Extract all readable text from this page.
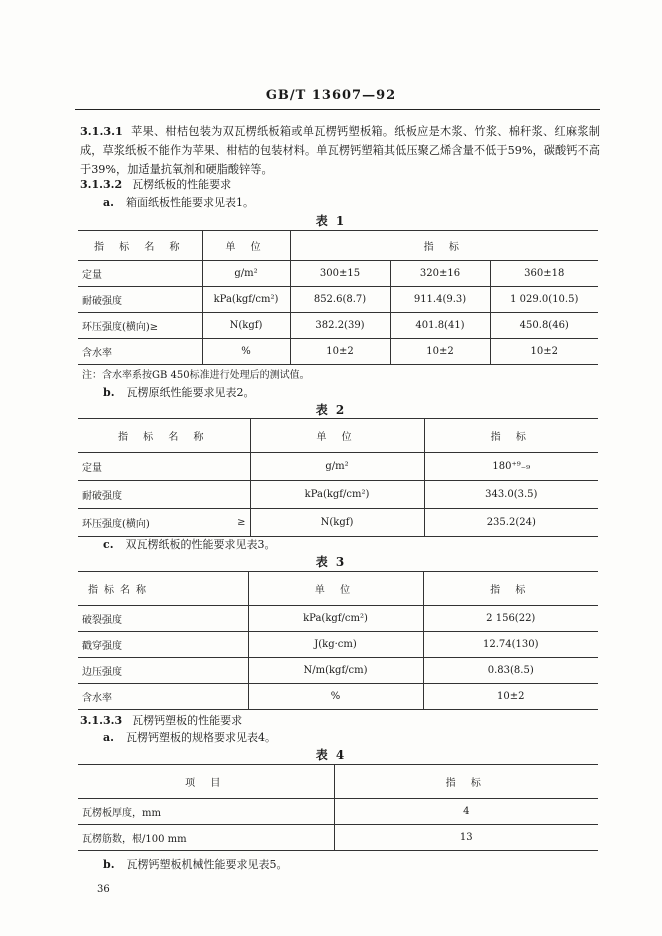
GB/T 13607—92
3.1.3.1 苹果、柑桔包装为双瓦楞纸板箱或单瓦楞钙塑板箱。纸板应是木浆、竹浆、棉秆浆、红麻浆制成，草浆纸板不能作为苹果、柑桔的包装材料。单瓦楞钙塑箱其低压聚乙烯含量不低于59%，碳酸钙不高于39%，加适量抗氧剂和硬脂酸锌等。
3.1.3.2 瓦楞纸板的性能要求
a. 箱面纸板性能要求见表1。
表 1
指 标 名 称	单 位	指 标		
定量	g/m²	300±15	320±16	360±18
耐破强度	kPa(kgf/cm²)	852.6(8.7)	911.4(9.3)	1 029.0(10.5)
环压强度(横向)≥	N(kgf)	382.2(39)	401.8(41)	450.8(46)
含水率	%	10±2	10±2	10±2
注：含水率系按GB 450标准进行处理后的测试值。
b. 瓦楞原纸性能要求见表2。
表 2
指 标 名 称		单 位	指 标
定量		g/m²	180⁺⁹₋₉
耐破强度		kPa(kgf/cm²)	343.0(3.5)
环压强度(横向)	≥	N(kgf)	235.2(24)
c. 双瓦楞纸板的性能要求见表3。
表 3
指标名称	单 位	指 标
破裂强度	kPa(kgf/cm²)	2 156(22)
戳穿强度	J(kg·cm)	12.74(130)
边压强度	N/m(kgf/cm)	0.83(8.5)
含水率	%	10±2
3.1.3.3 瓦楞钙塑板的性能要求
a. 瓦楞钙塑板的规格要求见表4。
表 4
项 目	指 标
瓦楞板厚度，mm	4
瓦楞筋数，根/100 mm	13
b. 瓦楞钙塑板机械性能要求见表5。
36
